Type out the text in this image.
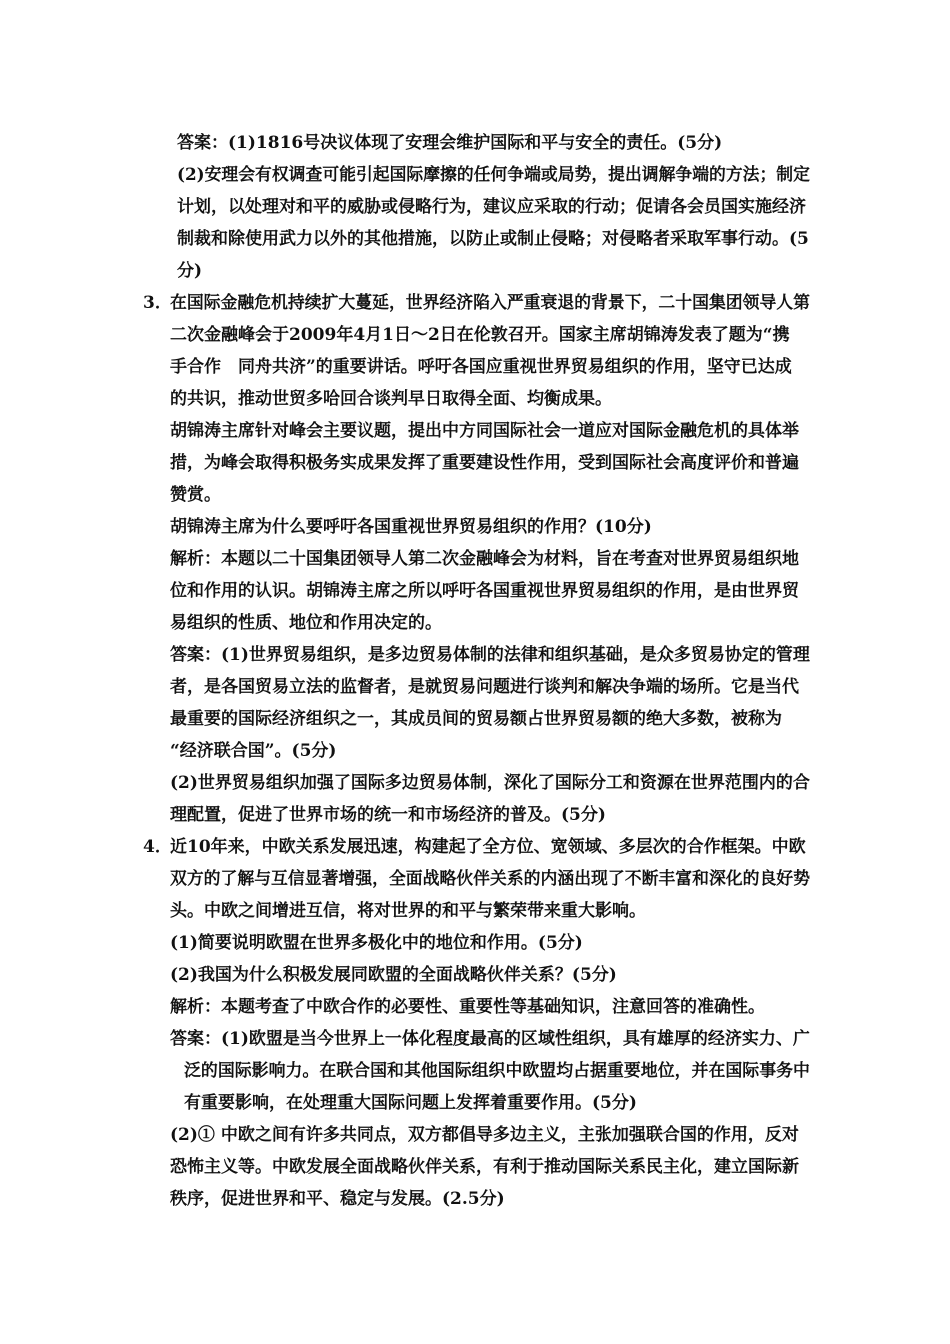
答案：(1)1816号决议体现了安理会维护国际和平与安全的责任。(5分)
(2)安理会有权调查可能引起国际摩擦的任何争端或局势，提出调解争端的方法；制定
计划，以处理对和平的威胁或侵略行为，建议应采取的行动；促请各会员国实施经济
制裁和除使用武力以外的其他措施，以防止或制止侵略；对侵略者采取军事行动。(5
分)
3．
在国际金融危机持续扩大蔓延，世界经济陷入严重衰退的背景下，二十国集团领导人第
二次金融峰会于2009年4月1日～2日在伦敦召开。国家主席胡锦涛发表了题为“携
手合作　同舟共济”的重要讲话。呼吁各国应重视世界贸易组织的作用，坚守已达成
的共识，推动世贸多哈回合谈判早日取得全面、均衡成果。
胡锦涛主席针对峰会主要议题，提出中方同国际社会一道应对国际金融危机的具体举
措，为峰会取得积极务实成果发挥了重要建设性作用，受到国际社会高度评价和普遍
赞赏。
胡锦涛主席为什么要呼吁各国重视世界贸易组织的作用？(10分)
解析：本题以二十国集团领导人第二次金融峰会为材料，旨在考查对世界贸易组织地
位和作用的认识。胡锦涛主席之所以呼吁各国重视世界贸易组织的作用，是由世界贸
易组织的性质、地位和作用决定的。
答案：(1)世界贸易组织，是多边贸易体制的法律和组织基础，是众多贸易协定的管理
者，是各国贸易立法的监督者，是就贸易问题进行谈判和解决争端的场所。它是当代
最重要的国际经济组织之一，其成员间的贸易额占世界贸易额的绝大多数，被称为
“经济联合国”。(5分)
(2)世界贸易组织加强了国际多边贸易体制，深化了国际分工和资源在世界范围内的合
理配置，促进了世界市场的统一和市场经济的普及。(5分)
4．
近10年来，中欧关系发展迅速，构建起了全方位、宽领域、多层次的合作框架。中欧
双方的了解与互信显著增强，全面战略伙伴关系的内涵出现了不断丰富和深化的良好势
头。中欧之间增进互信，将对世界的和平与繁荣带来重大影响。
(1)简要说明欧盟在世界多极化中的地位和作用。(5分)
(2)我国为什么积极发展同欧盟的全面战略伙伴关系？(5分)
解析：本题考查了中欧合作的必要性、重要性等基础知识，注意回答的准确性。
答案：(1)欧盟是当今世界上一体化程度最高的区域性组织，具有雄厚的经济实力、广
泛的国际影响力。在联合国和其他国际组织中欧盟均占据重要地位，并在国际事务中
有重要影响，在处理重大国际问题上发挥着重要作用。(5分)
(2)① 中欧之间有许多共同点，双方都倡导多边主义，主张加强联合国的作用，反对
恐怖主义等。中欧发展全面战略伙伴关系，有利于推动国际关系民主化，建立国际新
秩序，促进世界和平、稳定与发展。(2.5分)
